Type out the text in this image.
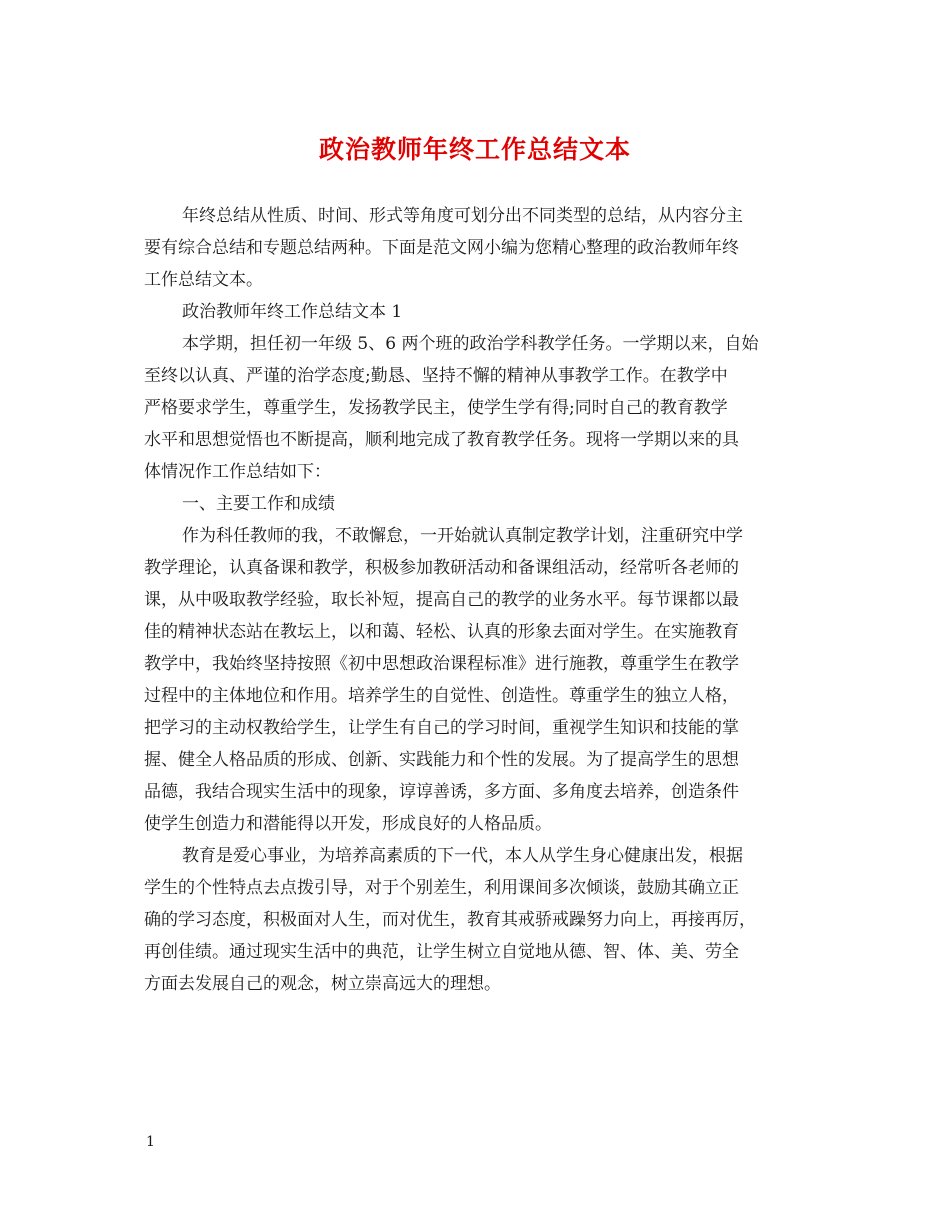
政治教师年终工作总结文本
年终总结从性质、时间、形式等角度可划分出不同类型的总结，从内容分主
要有综合总结和专题总结两种。下面是范文网小编为您精心整理的政治教师年终
工作总结文本。
政治教师年终工作总结文本 1
本学期，担任初一年级 5、6 两个班的政治学科教学任务。一学期以来，自始
至终以认真、严谨的治学态度;勤恳、坚持不懈的精神从事教学工作。在教学中
严格要求学生，尊重学生，发扬教学民主，使学生学有得;同时自己的教育教学
水平和思想觉悟也不断提高，顺利地完成了教育教学任务。现将一学期以来的具
体情况作工作总结如下：
一、主要工作和成绩
作为科任教师的我，不敢懈怠，一开始就认真制定教学计划，注重研究中学
教学理论，认真备课和教学，积极参加教研活动和备课组活动，经常听各老师的
课，从中吸取教学经验，取长补短，提高自己的教学的业务水平。每节课都以最
佳的精神状态站在教坛上，以和蔼、轻松、认真的形象去面对学生。在实施教育
教学中，我始终坚持按照《初中思想政治课程标准》进行施教，尊重学生在教学
过程中的主体地位和作用。培养学生的自觉性、创造性。尊重学生的独立人格，
把学习的主动权教给学生，让学生有自己的学习时间，重视学生知识和技能的掌
握、健全人格品质的形成、创新、实践能力和个性的发展。为了提高学生的思想
品德，我结合现实生活中的现象，谆谆善诱，多方面、多角度去培养，创造条件
使学生创造力和潜能得以开发，形成良好的人格品质。
教育是爱心事业，为培养高素质的下一代，本人从学生身心健康出发，根据
学生的个性特点去点拨引导，对于个别差生，利用课间多次倾谈，鼓励其确立正
确的学习态度，积极面对人生，而对优生，教育其戒骄戒躁努力向上，再接再厉，
再创佳绩。通过现实生活中的典范，让学生树立自觉地从德、智、体、美、劳全
方面去发展自己的观念，树立崇高远大的理想。
1
